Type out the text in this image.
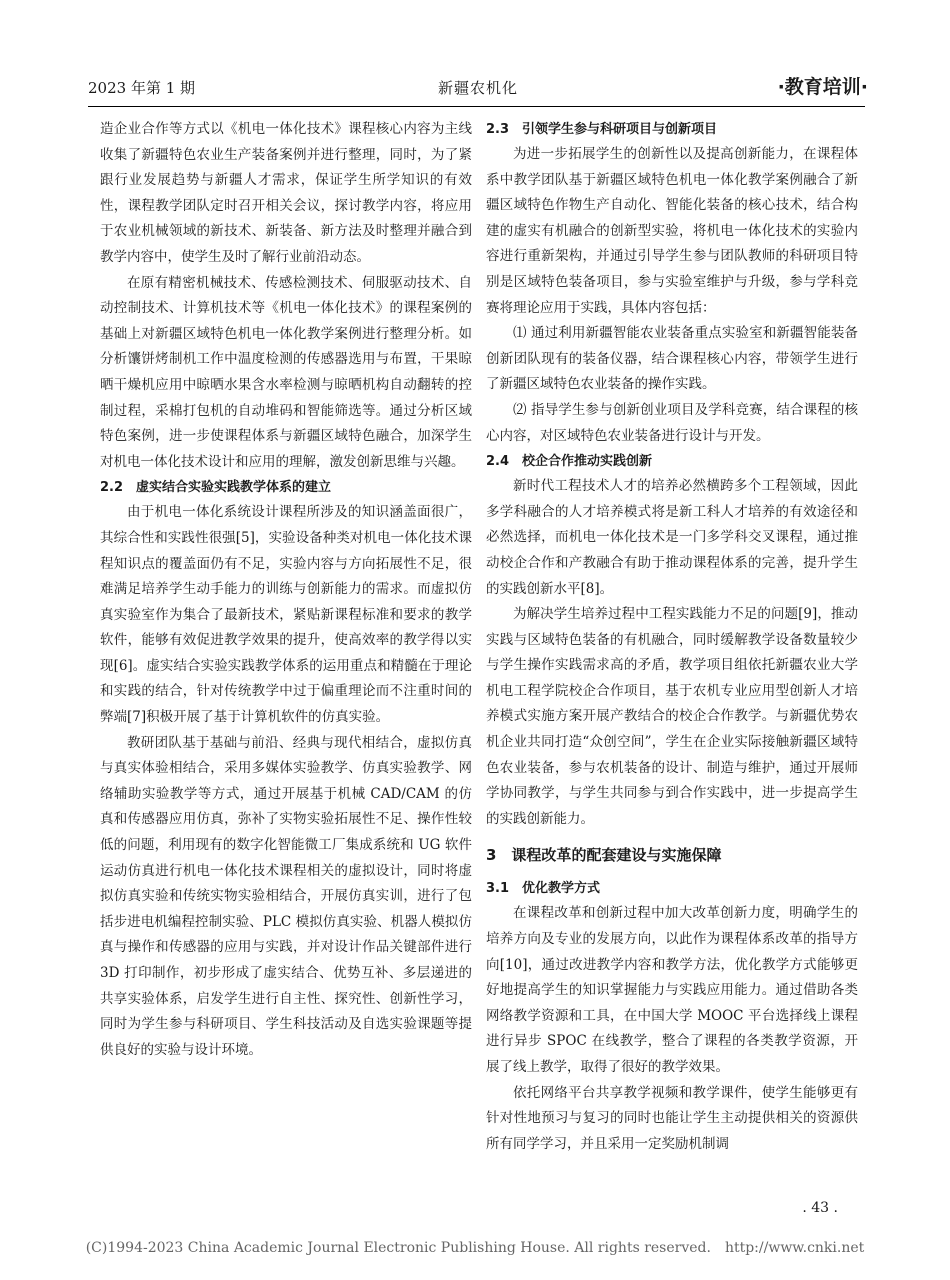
2023 年第 1 期	新疆农机化	·教育培训·

造企业合作等方式以《机电一体化技术》课程核心内容为主线收集了新疆特色农业生产装备案例并进行整理，同时，为了紧跟行业发展趋势与新疆人才需求，保证学生所学知识的有效性，课程教学团队定时召开相关会议，探讨教学内容，将应用于农业机械领域的新技术、新装备、新方法及时整理并融合到教学内容中，使学生及时了解行业前沿动态。

在原有精密机械技术、传感检测技术、伺服驱动技术、自动控制技术、计算机技术等《机电一体化技术》的课程案例的基础上对新疆区域特色机电一体化教学案例进行整理分析。如分析馕饼烤制机工作中温度检测的传感器选用与布置，干果晾晒干燥机应用中晾晒水果含水率检测与晾晒机构自动翻转的控制过程，采棉打包机的自动堆码和智能筛选等。通过分析区域特色案例，进一步使课程体系与新疆区域特色融合，加深学生对机电一体化技术设计和应用的理解，激发创新思维与兴趣。

2.2　虚实结合实验实践教学体系的建立

由于机电一体化系统设计课程所涉及的知识涵盖面很广，其综合性和实践性很强[5]，实验设备种类对机电一体化技术课程知识点的覆盖面仍有不足，实验内容与方向拓展性不足，很难满足培养学生动手能力的训练与创新能力的需求。而虚拟仿真实验室作为集合了最新技术，紧贴新课程标准和要求的教学软件，能够有效促进教学效果的提升，使高效率的教学得以实现[6]。虚实结合实验实践教学体系的运用重点和精髓在于理论和实践的结合，针对传统教学中过于偏重理论而不注重时间的弊端[7]积极开展了基于计算机软件的仿真实验。

教研团队基于基础与前沿、经典与现代相结合，虚拟仿真与真实体验相结合，采用多媒体实验教学、仿真实验教学、网络辅助实验教学等方式，通过开展基于机械 CAD/CAM 的仿真和传感器应用仿真，弥补了实物实验拓展性不足、操作性较低的问题，利用现有的数字化智能微工厂集成系统和 UG 软件运动仿真进行机电一体化技术课程相关的虚拟设计，同时将虚拟仿真实验和传统实物实验相结合，开展仿真实训，进行了包括步进电机编程控制实验、PLC 模拟仿真实验、机器人模拟仿真与操作和传感器的应用与实践，并对设计作品关键部件进行 3D 打印制作，初步形成了虚实结合、优势互补、多层递进的共享实验体系，启发学生进行自主性、探究性、创新性学习，同时为学生参与科研项目、学生科技活动及自选实验课题等提供良好的实验与设计环境。

2.3　引领学生参与科研项目与创新项目

为进一步拓展学生的创新性以及提高创新能力，在课程体系中教学团队基于新疆区域特色机电一体化教学案例融合了新疆区域特色作物生产自动化、智能化装备的核心技术，结合构建的虚实有机融合的创新型实验，将机电一体化技术的实验内容进行重新架构，并通过引导学生参与团队教师的科研项目特别是区域特色装备项目，参与实验室维护与升级，参与学科竞赛将理论应用于实践，具体内容包括：

⑴ 通过利用新疆智能农业装备重点实验室和新疆智能装备创新团队现有的装备仪器，结合课程核心内容，带领学生进行了新疆区域特色农业装备的操作实践。

⑵ 指导学生参与创新创业项目及学科竞赛，结合课程的核心内容，对区域特色农业装备进行设计与开发。

2.4　校企合作推动实践创新

新时代工程技术人才的培养必然横跨多个工程领域，因此多学科融合的人才培养模式将是新工科人才培养的有效途径和必然选择，而机电一体化技术是一门多学科交叉课程，通过推动校企合作和产教融合有助于推动课程体系的完善，提升学生的实践创新水平[8]。

为解决学生培养过程中工程实践能力不足的问题[9]，推动实践与区域特色装备的有机融合，同时缓解教学设备数量较少与学生操作实践需求高的矛盾，教学项目组依托新疆农业大学机电工程学院校企合作项目，基于农机专业应用型创新人才培养模式实施方案开展产教结合的校企合作教学。与新疆优势农机企业共同打造“众创空间”，学生在企业实际接触新疆区域特色农业装备，参与农机装备的设计、制造与维护，通过开展师学协同教学，与学生共同参与到合作实践中，进一步提高学生的实践创新能力。

3　课程改革的配套建设与实施保障
3.1　优化教学方式

在课程改革和创新过程中加大改革创新力度，明确学生的培养方向及专业的发展方向，以此作为课程体系改革的指导方向[10]，通过改进教学内容和教学方法，优化教学方式能够更好地提高学生的知识掌握能力与实践应用能力。通过借助各类网络教学资源和工具，在中国大学 MOOC 平台选择线上课程进行异步 SPOC 在线教学，整合了课程的各类教学资源，开展了线上教学，取得了很好的教学效果。

依托网络平台共享教学视频和教学课件，使学生能够更有针对性地预习与复习的同时也能让学生主动提供相关的资源供所有同学学习，并且采用一定奖励机制调

. 43 .
(C)1994-2023 China Academic Journal Electronic Publishing House. All rights reserved.　http://www.cnki.net
